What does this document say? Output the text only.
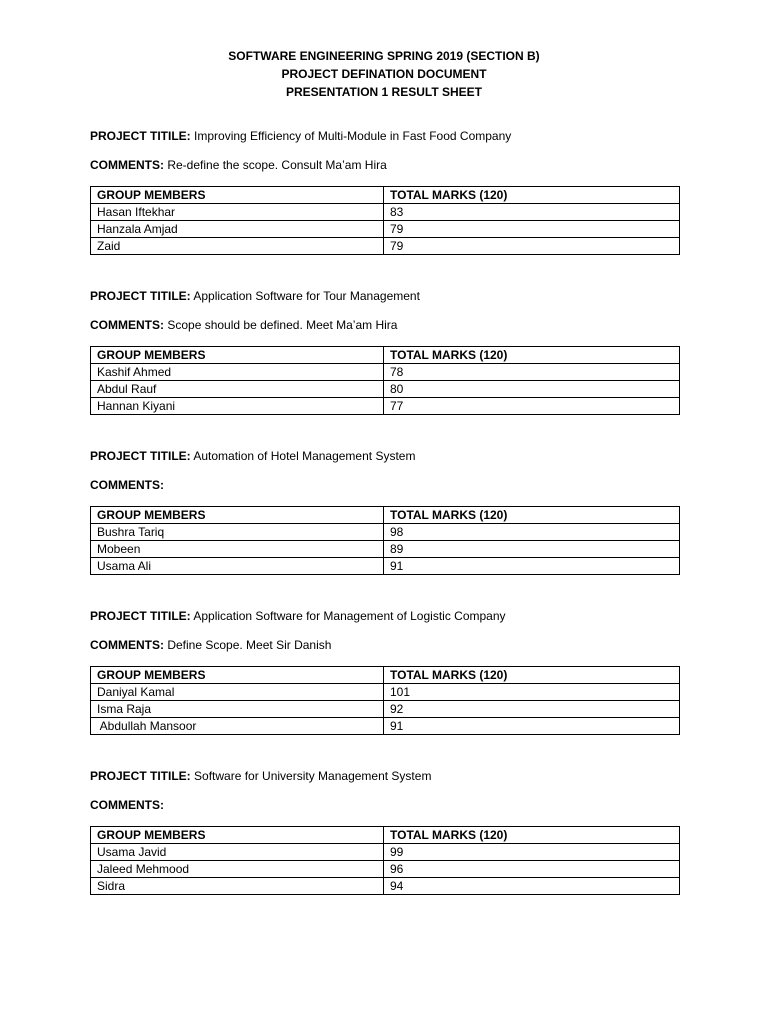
SOFTWARE ENGINEERING SPRING 2019 (SECTION B)
PROJECT DEFINATION DOCUMENT
PRESENTATION 1 RESULT SHEET
PROJECT TITILE: Improving Efficiency of Multi-Module in Fast Food Company
COMMENTS: Re-define the scope. Consult Ma’am Hira
GROUP MEMBERS	TOTAL MARKS (120)
Hasan Iftekhar	83
Hanzala Amjad	79
Zaid	79
PROJECT TITILE: Application Software for Tour Management
COMMENTS: Scope should be defined. Meet Ma’am Hira
GROUP MEMBERS	TOTAL MARKS (120)
Kashif Ahmed	78
Abdul Rauf	80
Hannan Kiyani	77
PROJECT TITILE: Automation of Hotel Management System
COMMENTS:
GROUP MEMBERS	TOTAL MARKS (120)
Bushra Tariq	98
Mobeen	89
Usama Ali	91
PROJECT TITILE: Application Software for Management of Logistic Company
COMMENTS: Define Scope. Meet Sir Danish
GROUP MEMBERS	TOTAL MARKS (120)
Daniyal Kamal	101
Isma Raja	92
Abdullah Mansoor	91
PROJECT TITILE: Software for University Management System
COMMENTS:
GROUP MEMBERS	TOTAL MARKS (120)
Usama Javid	99
Jaleed Mehmood	96
Sidra	94
